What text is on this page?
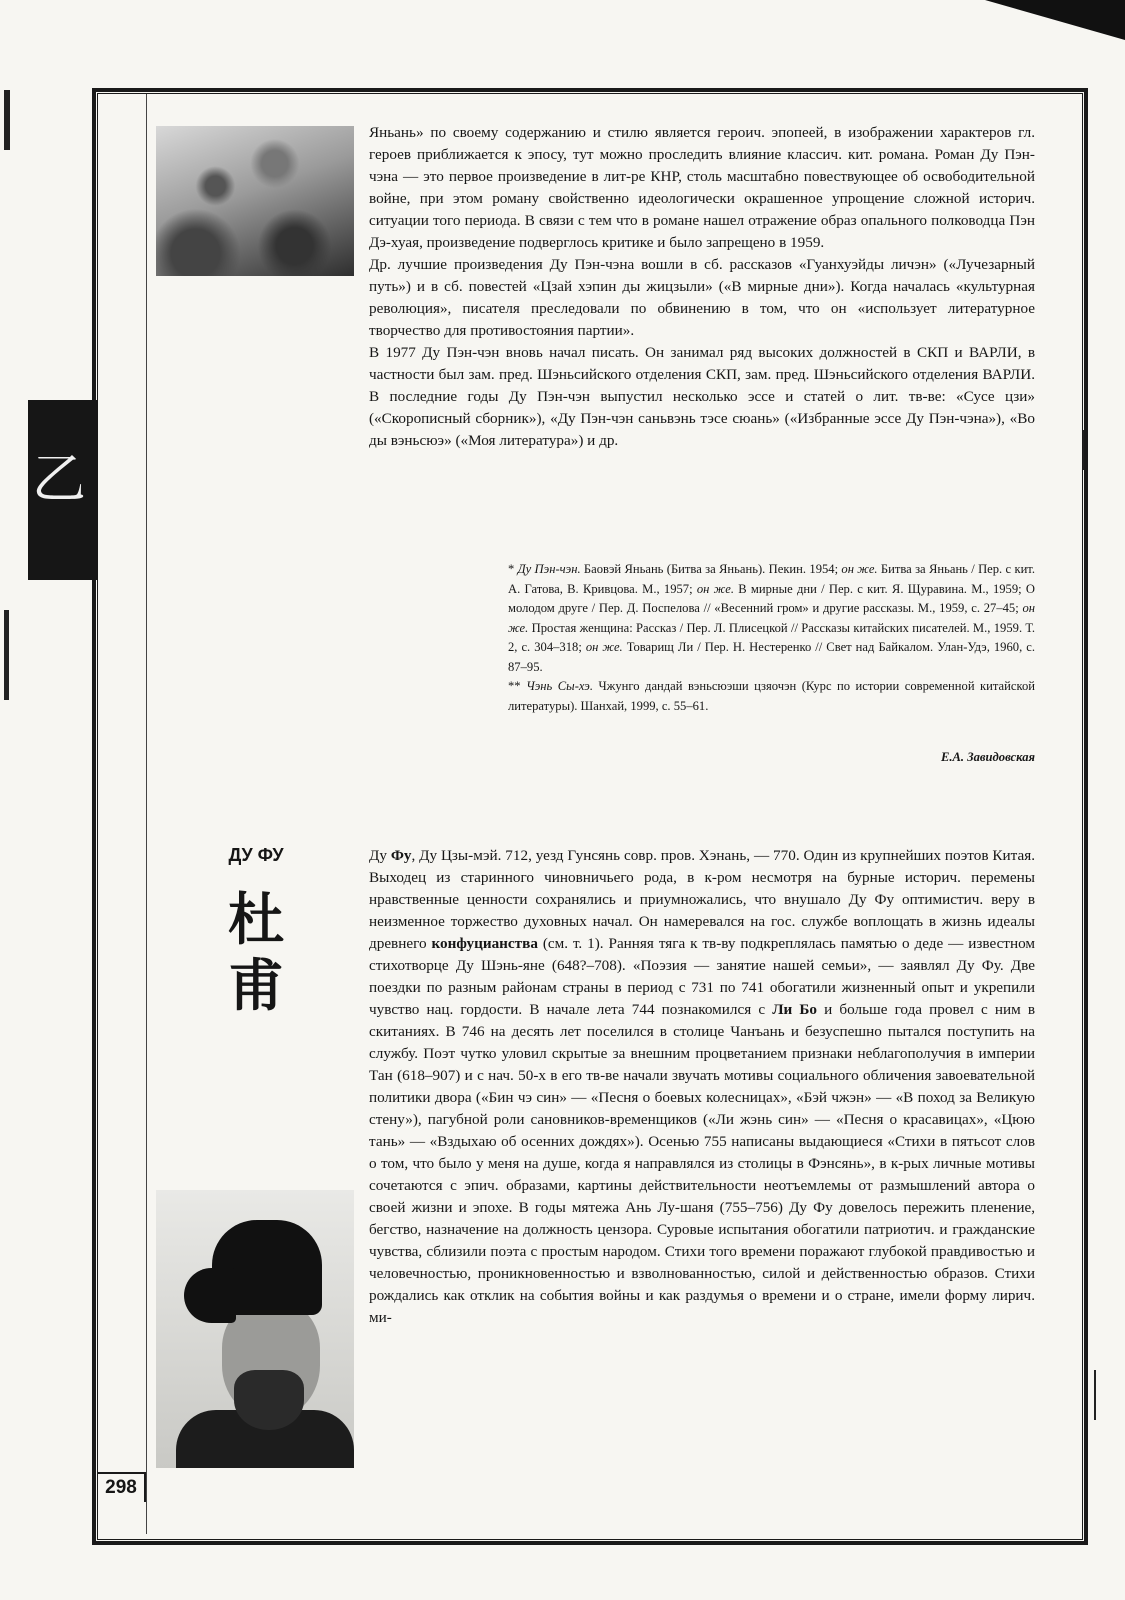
乙

Яньань» по своему содержанию и стилю является героич. эпопеей, в изображении характеров гл. героев приближается к эпосу, тут можно проследить влияние классич. кит. романа. Роман Ду Пэн-чэна — это первое произведение в лит-ре КНР, столь масштабно повествующее об освободительной войне, при этом роману свойственно идеологически окрашенное упрощение сложной историч. ситуации того периода. В связи с тем что в романе нашел отражение образ опального полководца Пэн Дэ-хуая, произведение подверглось критике и было запрещено в 1959.

Др. лучшие произведения Ду Пэн-чэна вошли в сб. рассказов «Гуанхуэйды личэн» («Лучезарный путь») и в сб. повестей «Цзай хэпин ды жицзыли» («В мирные дни»). Когда началась «культурная революция», писателя преследовали по обвинению в том, что он «использует литературное творчество для противостояния партии».

В 1977 Ду Пэн-чэн вновь начал писать. Он занимал ряд высоких должностей в СКП и ВАРЛИ, в частности был зам. пред. Шэньсийского отделения СКП, зам. пред. Шэньсийского отделения ВАРЛИ. В последние годы Ду Пэн-чэн выпустил несколько эссе и статей о лит. тв-ве: «Сусе цзи» («Скорописный сборник»), «Ду Пэн-чэн саньвэнь тэсе сюань» («Избранные эссе Ду Пэн-чэна»), «Во ды вэньсюэ» («Моя литература») и др.

* Ду Пэн-чэн. Баовэй Яньань (Битва за Яньань). Пекин. 1954; он же. Битва за Яньань / Пер. с кит. А. Гатова, В. Кривцова. М., 1957; он же. В мирные дни / Пер. с кит. Я. Щуравина. М., 1959; О молодом друге / Пер. Д. Поспелова // «Весенний гром» и другие рассказы. М., 1959, с. 27–45; он же. Простая женщина: Рассказ / Пер. Л. Плисецкой // Рассказы китайских писателей. М., 1959. Т. 2, с. 304–318; он же. Товарищ Ли / Пер. Н. Нестеренко // Свет над Байкалом. Улан-Удэ, 1960, с. 87–95.

** Чэнь Сы-хэ. Чжунго дандай вэньсюэши цзяочэн (Курс по истории современной китайской литературы). Шанхай, 1999, с. 55–61.

Е.А. Завидовская
ДУ ФУ
杜
甫

Ду Фу, Ду Цзы-мэй. 712, уезд Гунсянь совр. пров. Хэнань, — 770. Один из крупнейших поэтов Китая. Выходец из старинного чиновничьего рода, в к-ром несмотря на бурные историч. перемены нравственные ценности сохранялись и приумножались, что внушало Ду Фу оптимистич. веру в неизменное торжество духовных начал. Он намеревался на гос. службе воплощать в жизнь идеалы древнего конфуцианства (см. т. 1). Ранняя тяга к тв-ву подкреплялась памятью о деде — известном стихотворце Ду Шэнь-яне (648?–708). «Поэзия — занятие нашей семьи», — заявлял Ду Фу. Две поездки по разным районам страны в период с 731 по 741 обогатили жизненный опыт и укрепили чувство нац. гордости. В начале лета 744 познакомился с Ли Бо и больше года провел с ним в скитаниях. В 746 на десять лет поселился в столице Чанъань и безуспешно пытался поступить на службу. Поэт чутко уловил скрытые за внешним процветанием признаки неблагополучия в империи Тан (618–907) и с нач. 50-х в его тв-ве начали звучать мотивы социального обличения завоевательной политики двора («Бин чэ син» — «Песня о боевых колесницах», «Бэй чжэн» — «В поход за Великую стену»), пагубной роли сановников-временщиков («Ли жэнь син» — «Песня о красавицах», «Цюю тань» — «Вздыхаю об осенних дождях»). Осенью 755 написаны выдающиеся «Стихи в пятьсот слов о том, что было у меня на душе, когда я направлялся из столицы в Фэнсянь», в к-рых личные мотивы сочетаются с эпич. образами, картины действительности неотъемлемы от размышлений автора о своей жизни и эпохе. В годы мятежа Ань Лу-шаня (755–756) Ду Фу довелось пережить пленение, бегство, назначение на должность цензора. Суровые испытания обогатили патриотич. и гражданские чувства, сблизили поэта с простым народом. Стихи того времени поражают глубокой правдивостью и человечностью, проникновенностью и взволнованностью, силой и действенностью образов. Стихи рождались как отклик на события войны и как раздумья о времени и о стране, имели форму лирич. ми-

298
